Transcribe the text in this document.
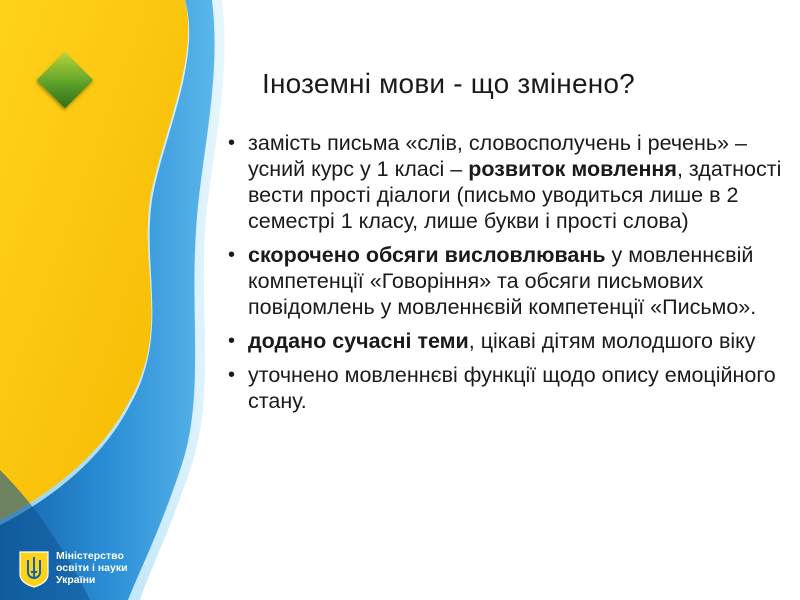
Іноземні мови - що змінено?
• замість письма «слів, словосполучень і речень» – усний курс у 1 класі – розвиток мовлення, здатності вести прості діалоги (письмо уводиться лише в 2 семестрі 1 класу, лише букви і прості слова)
• скорочено обсяги висловлювань у мовленнєвій компетенції «Говоріння» та обсяги письмових повідомлень у мовленнєвій компетенції «Письмо».
• додано сучасні теми, цікаві дітям молодшого віку
• уточнено мовленнєві функції щодо опису емоційного стану.
Міністерство
освіти і науки
України
